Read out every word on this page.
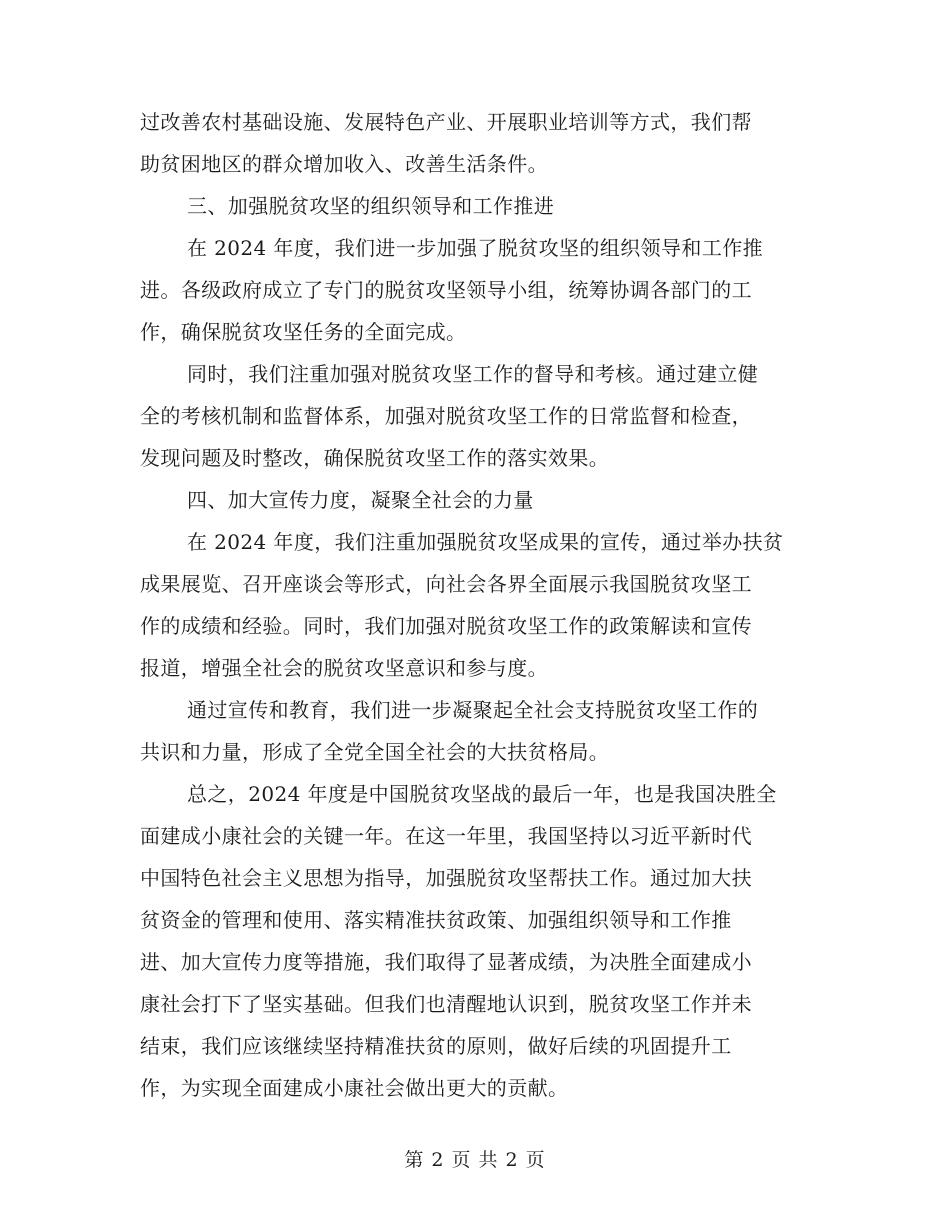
过改善农村基础设施、发展特色产业、开展职业培训等方式，我们帮
助贫困地区的群众增加收入、改善生活条件。
三、加强脱贫攻坚的组织领导和工作推进
在 2024 年度，我们进一步加强了脱贫攻坚的组织领导和工作推
进。各级政府成立了专门的脱贫攻坚领导小组，统筹协调各部门的工
作，确保脱贫攻坚任务的全面完成。
同时，我们注重加强对脱贫攻坚工作的督导和考核。通过建立健
全的考核机制和监督体系，加强对脱贫攻坚工作的日常监督和检查，
发现问题及时整改，确保脱贫攻坚工作的落实效果。
四、加大宣传力度，凝聚全社会的力量
在 2024 年度，我们注重加强脱贫攻坚成果的宣传，通过举办扶贫
成果展览、召开座谈会等形式，向社会各界全面展示我国脱贫攻坚工
作的成绩和经验。同时，我们加强对脱贫攻坚工作的政策解读和宣传
报道，增强全社会的脱贫攻坚意识和参与度。
通过宣传和教育，我们进一步凝聚起全社会支持脱贫攻坚工作的
共识和力量，形成了全党全国全社会的大扶贫格局。
总之，2024 年度是中国脱贫攻坚战的最后一年，也是我国决胜全
面建成小康社会的关键一年。在这一年里，我国坚持以习近平新时代
中国特色社会主义思想为指导，加强脱贫攻坚帮扶工作。通过加大扶
贫资金的管理和使用、落实精准扶贫政策、加强组织领导和工作推
进、加大宣传力度等措施，我们取得了显著成绩，为决胜全面建成小
康社会打下了坚实基础。但我们也清醒地认识到，脱贫攻坚工作并未
结束，我们应该继续坚持精准扶贫的原则，做好后续的巩固提升工
作，为实现全面建成小康社会做出更大的贡献。
第 2 页 共 2 页
